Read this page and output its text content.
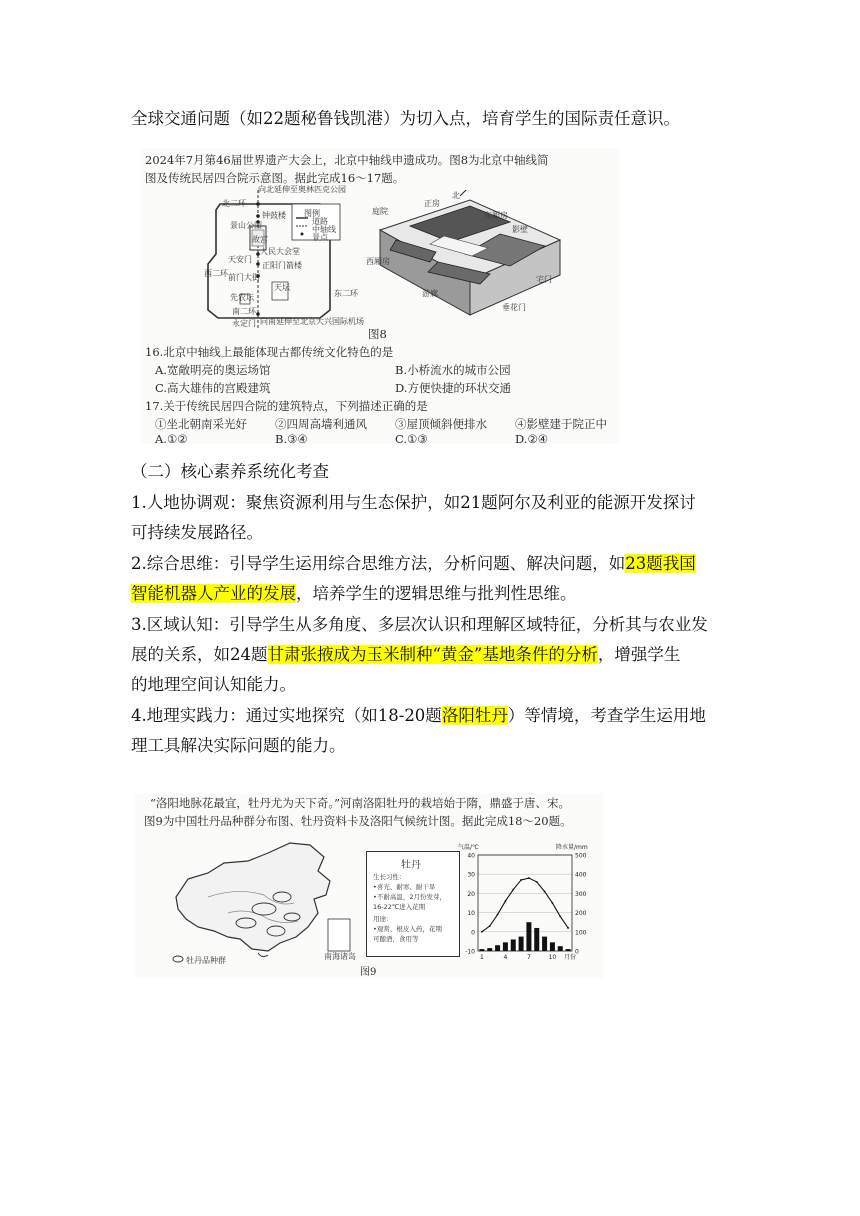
全球交通问题（如22题秘鲁钱凯港）为切入点，培育学生的国际责任意识。

2024年7月第46届世界遗产大会上，北京中轴线申遗成功。图8为北京中轴线简
图及传统民居四合院示意图。据此完成16～17题。
向北延伸至奥林匹克公园
北二环
钟鼓楼
景山公园
故宫
天安门
人民大会堂
正阳门箭楼
前门大街
天坛
先农坛
南二环
永定门 向南延伸至北京大兴国际机场
西二环
东二环
图例
道路
中轴线
景点
北
正房
庭院	东厢房
影壁
西厢房
游廊
宅门
垂花门
图8
16.北京中轴线上最能体现古都传统文化特色的是
A.宽敞明亮的奥运场馆	B.小桥流水的城市公园
C.高大雄伟的宫殿建筑	D.方便快捷的环状交通
17.关于传统民居四合院的建筑特点，下列描述正确的是
①坐北朝南采光好 ②四周高墙利通风 ③屋顶倾斜便排水 ④影壁建于院正中
A.①②	B.③④	C.①③	D.②④

（二）核心素养系统化考查

1.人地协调观：聚焦资源利用与生态保护，如21题阿尔及利亚的能源开发探讨

可持续发展路径。

2.综合思维：引导学生运用综合思维方法，分析问题、解决问题，如23题我国

智能机器人产业的发展，培养学生的逻辑思维与批判性思维。

3.区域认知：引导学生从多角度、多层次认识和理解区域特征，分析其与农业发

展的关系，如24题甘肃张掖成为玉米制种“黄金”基地条件的分析，增强学生

的地理空间认知能力。

4.地理实践力：通过实地探究（如18-20题洛阳牡丹）等情境，考查学生运用地

理工具解决实际问题的能力。

“洛阳地脉花最宜，牡丹尤为天下奇。”河南洛阳牡丹的栽培始于隋，鼎盛于唐、宋。
图9为中国牡丹品种群分布图、牡丹资料卡及洛阳气候统计图。据此完成18～20题。
牡丹品种群	南海诸岛
牡丹
生长习性：
•喜光、耐寒、耐干旱
•不耐高温，2月份发芽，
16-22℃进入花期
用途：
•观赏、根皮入药，花期
可酿酒，食用等
-10
0
10
20
30
40
0
100
200
300
400
500
1	4	7	10
气温/℃	降水量/mm
月份
图9
